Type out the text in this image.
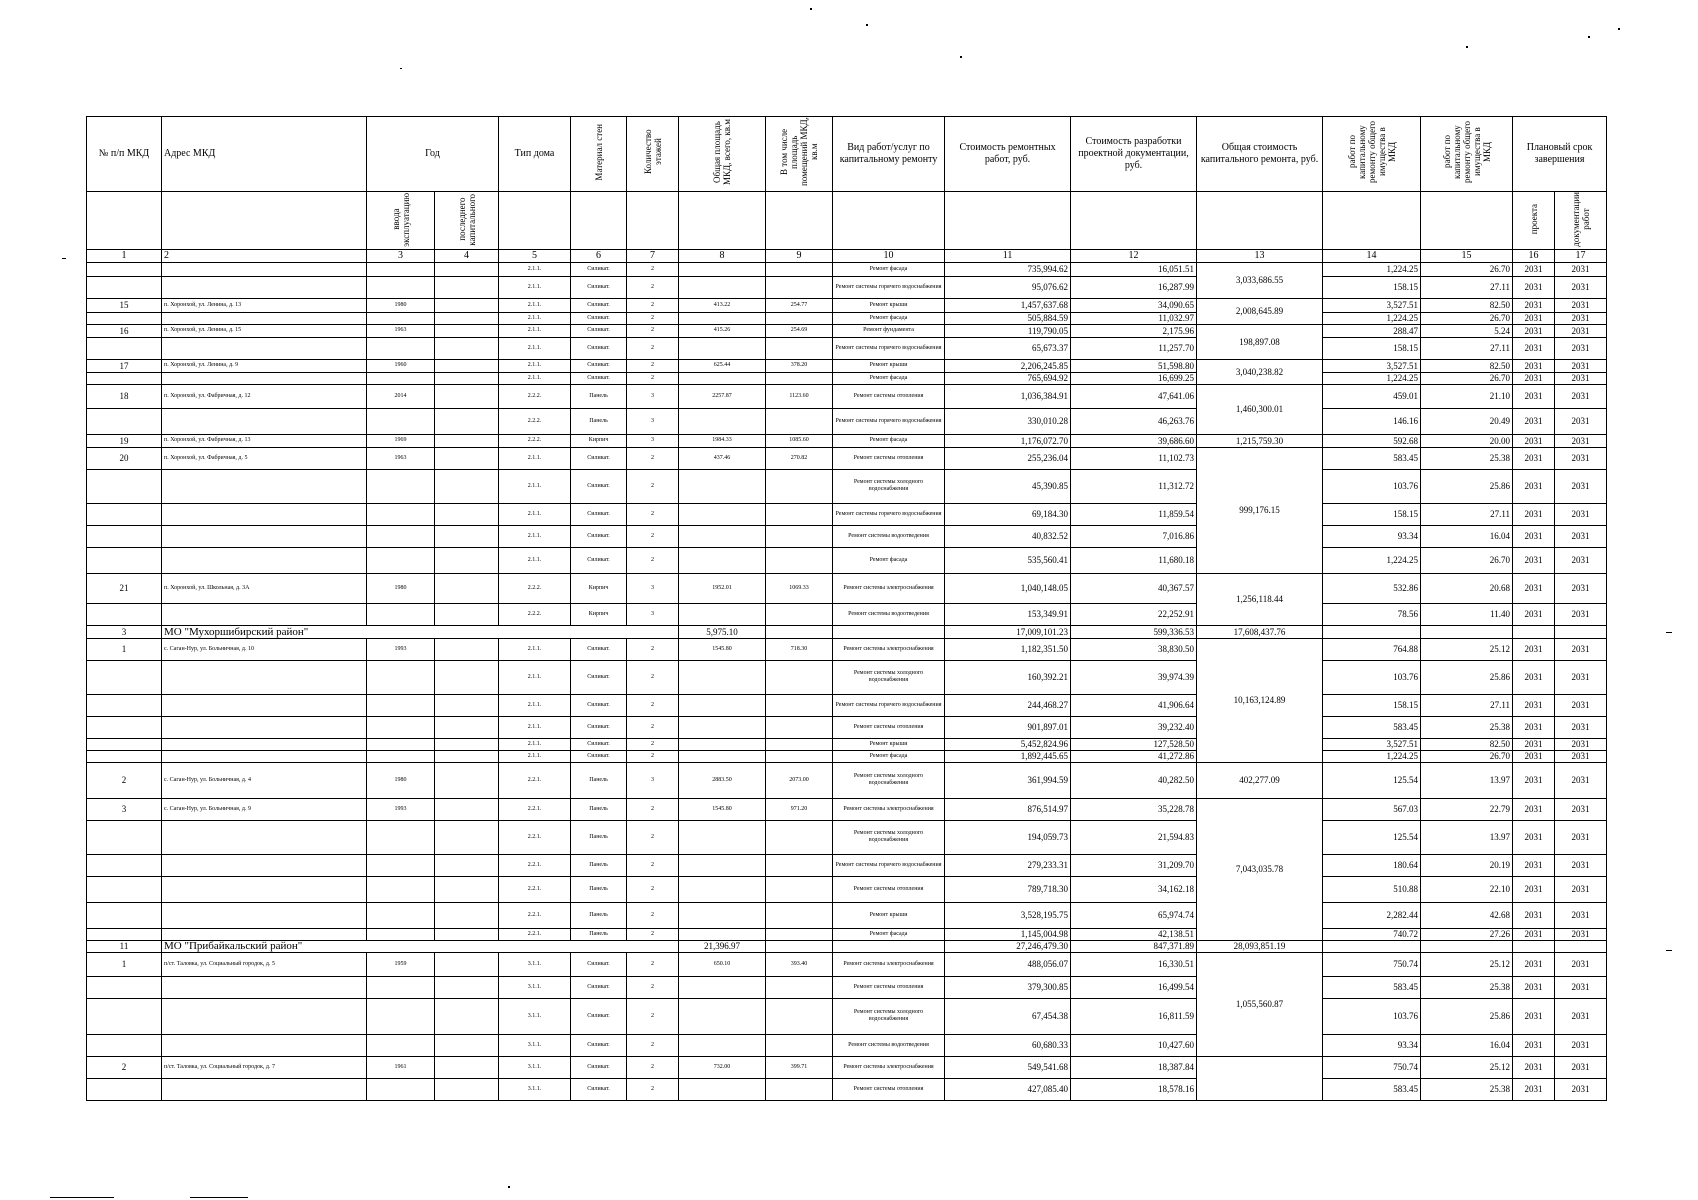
№ п/п МКД	Адрес МКД	Год		Тип дома	Материал стен	Количество этажей	Общая площадь МКД, всего, кв.м	В том числе площадь помещений МКД, кв.м	Вид работ/услуг по капитальному ремонту	Стоимость ремонтных работ, руб.	Стоимость разработки проектной документации, руб.	Общая стоимость капитального ремонта, руб.	работ по капитальному ремонту общего имущества в МКД	работ по капитальному ремонту общего имущества в МКД	Плановый срок завершения	
		ввода эксплуатацию	последнего капитального												проекта	документации работ
1	2	3	4	5	6	7	8	9	10	11	12	13	14	15	16	17
				2.1.1.	Силикат.	2			Ремонт фасада	735,994.62	16,051.51	3,033,686.55	1,224.25	26.70	2031	2031
				2.1.1.	Силикат.	2			Ремонт системы горячего водоснабжения	95,076.62	16,287.99		158.15	27.11	2031	2031
15	п. Хоронхой, ул. Ленина, д. 13	1980		2.1.1.	Силикат.	2	413.22	254.77	Ремонт крыши	1,457,637.68	34,090.65	2,008,645.89	3,527.51	82.50	2031	2031
				2.1.1.	Силикат.	2			Ремонт фасада	505,884.59	11,032.97		1,224.25	26.70	2031	2031
16	п. Хоронхой, ул. Ленина, д. 15	1963		2.1.1.	Силикат.	2	415.26	254.69	Ремонт фундамента	119,790.05	2,175.96	198,897.08	288.47	5.24	2031	2031
				2.1.1.	Силикат.	2			Ремонт системы горячего водоснабжения	65,673.37	11,257.70		158.15	27.11	2031	2031
17	п. Хоронхой, ул. Ленина, д. 9	1960		2.1.1.	Силикат.	2	625.44	378.20	Ремонт крыши	2,206,245.85	51,598.80	3,040,238.82	3,527.51	82.50	2031	2031
				2.1.1.	Силикат.	2			Ремонт фасада	765,694.92	16,699.25		1,224.25	26.70	2031	2031
18	п. Хоронхой, ул. Фабричная, д. 12	2014		2.2.2.	Панель	3	2257.87	1123.60	Ремонт системы отопления	1,036,384.91	47,641.06	1,460,300.01	459.01	21.10	2031	2031
				2.2.2.	Панель	3			Ремонт системы горячего водоснабжения	330,010.28	46,263.76		146.16	20.49	2031	2031
19	п. Хоронхой, ул. Фабричная, д. 13	1969		2.2.2.	Кирпич	3	1984.33	1085.60	Ремонт фасада	1,176,072.70	39,686.60	1,215,759.30	592.68	20.00	2031	2031
20	п. Хоронхой, ул. Фабричная, д. 5	1963		2.1.1.	Силикат.	2	437.46	270.82	Ремонт системы отопления	255,236.04	11,102.73	999,176.15	583.45	25.38	2031	2031
				2.1.1.	Силикат.	2			Ремонт системы холодного водоснабжения	45,390.85	11,312.72		103.76	25.86	2031	2031
				2.1.1.	Силикат.	2			Ремонт системы горячего водоснабжения	69,184.30	11,859.54		158.15	27.11	2031	2031
				2.1.1.	Силикат.	2			Ремонт системы водоотведения	40,832.52	7,016.86		93.34	16.04	2031	2031
				2.1.1.	Силикат.	2			Ремонт фасада	535,560.41	11,680.18		1,224.25	26.70	2031	2031
21	п. Хоронхой, ул. Школьная, д. 3А	1980		2.2.2.	Кирпич	3	1952.01	1069.33	Ремонт системы электроснабжения	1,040,148.05	40,367.57	1,256,118.44	532.86	20.68	2031	2031
				2.2.2.	Кирпич	3			Ремонт системы водоотведения	153,349.91	22,252.91		78.56	11.40	2031	2031
3	МО "Мухоршибирский район"						5,975.10			17,009,101.23	599,336.53	17,608,437.76				
1	с. Саган-Нур, ул. Больничная, д. 10	1993		2.1.1.	Силикат.	2	1545.80	718.30	Ремонт системы электроснабжения	1,182,351.50	38,830.50	10,163,124.89	764.88	25.12	2031	2031
				2.1.1.	Силикат.	2			Ремонт системы холодного водоснабжения	160,392.21	39,974.39		103.76	25.86	2031	2031
				2.1.1.	Силикат.	2			Ремонт системы горячего водоснабжения	244,468.27	41,906.64		158.15	27.11	2031	2031
				2.1.1.	Силикат.	2			Ремонт системы отопления	901,897.01	39,232.40		583.45	25.38	2031	2031
				2.1.1.	Силикат.	2			Ремонт крыши	5,452,824.96	127,528.50		3,527.51	82.50	2031	2031
				2.1.1.	Силикат.	2			Ремонт фасада	1,892,445.65	41,272.86		1,224.25	26.70	2031	2031
2	с. Саган-Нур, ул. Больничная, д. 4	1980		2.2.1.	Панель	3	2883.50	2073.00	Ремонт системы холодного водоснабжения	361,994.59	40,282.50	402,277.09	125.54	13.97	2031	2031
3	с. Саган-Нур, ул. Больничная, д. 9	1993		2.2.1.	Панель	2	1545.80	971.20	Ремонт системы электроснабжения	876,514.97	35,228.78	7,043,035.78	567.03	22.79	2031	2031
				2.2.1.	Панель	2			Ремонт системы холодного водоснабжения	194,059.73	21,594.83		125.54	13.97	2031	2031
				2.2.1.	Панель	2			Ремонт системы горячего водоснабжения	279,233.31	31,209.70		180.64	20.19	2031	2031
				2.2.1.	Панель	2			Ремонт системы отопления	789,718.30	34,162.18		510.88	22.10	2031	2031
				2.2.1.	Панель	2			Ремонт крыши	3,528,195.75	65,974.74		2,282.44	42.68	2031	2031
				2.2.1.	Панель	2			Ремонт фасада	1,145,004.98	42,138.51		740.72	27.26	2031	2031
11	МО "Прибайкальский район"						21,396.97			27,246,479.30	847,371.89	28,093,851.19				
1	п/ст. Таловка, ул. Социальный городок, д. 5	1959		3.1.1.	Силикат.	2	650.10	393.40	Ремонт системы электроснабжения	488,056.07	16,330.51	1,055,560.87	750.74	25.12	2031	2031
				3.1.1.	Силикат.	2			Ремонт системы отопления	379,300.85	16,499.54		583.45	25.38	2031	2031
				3.1.1.	Силикат.	2			Ремонт системы холодного водоснабжения	67,454.38	16,811.59		103.76	25.86	2031	2031
				3.1.1.	Силикат.	2			Ремонт системы водоотведения	60,680.33	10,427.60		93.34	16.04	2031	2031
2	п/ст. Таловка, ул. Социальный городок, д. 7	1961		3.1.1.	Силикат.	2	732.00	399.71	Ремонт системы электроснабжения	549,541.68	18,387.84		750.74	25.12	2031	2031
				3.1.1.	Силикат.	2			Ремонт системы отопления	427,085.40	18,578.16		583.45	25.38	2031	2031
